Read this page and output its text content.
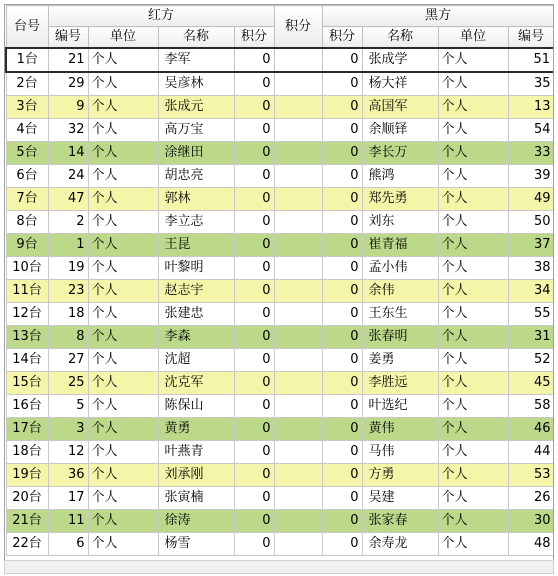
台号	红方				积分	黑方			
	编号	单位	名称	积分		积分	名称	单位	编号
1台	21	个人	李军	0		0	张成学	个人	51
2台	29	个人	吴彦林	0		0	杨大祥	个人	35
3台	9	个人	张成元	0		0	高国军	个人	13
4台	32	个人	高万宝	0		0	余顺铎	个人	54
5台	14	个人	涂继田	0		0	李长万	个人	33
6台	24	个人	胡忠亮	0		0	熊鸿	个人	39
7台	47	个人	郭林	0		0	郑先勇	个人	49
8台	2	个人	李立志	0		0	刘东	个人	50
9台	1	个人	王昆	0		0	崔青福	个人	37
10台	19	个人	叶黎明	0		0	孟小伟	个人	38
11台	23	个人	赵志宇	0		0	余伟	个人	34
12台	18	个人	张建忠	0		0	王东生	个人	55
13台	8	个人	李森	0		0	张春明	个人	31
14台	27	个人	沈超	0		0	姜勇	个人	52
15台	25	个人	沈克军	0		0	李胜远	个人	45
16台	5	个人	陈保山	0		0	叶选纪	个人	58
17台	3	个人	黄勇	0		0	黄伟	个人	46
18台	12	个人	叶燕青	0		0	马伟	个人	44
19台	36	个人	刘承刚	0		0	方勇	个人	53
20台	17	个人	张寅楠	0		0	吴建	个人	26
21台	11	个人	徐涛	0		0	张家春	个人	30
22台	6	个人	杨雪	0		0	余寿龙	个人	48
